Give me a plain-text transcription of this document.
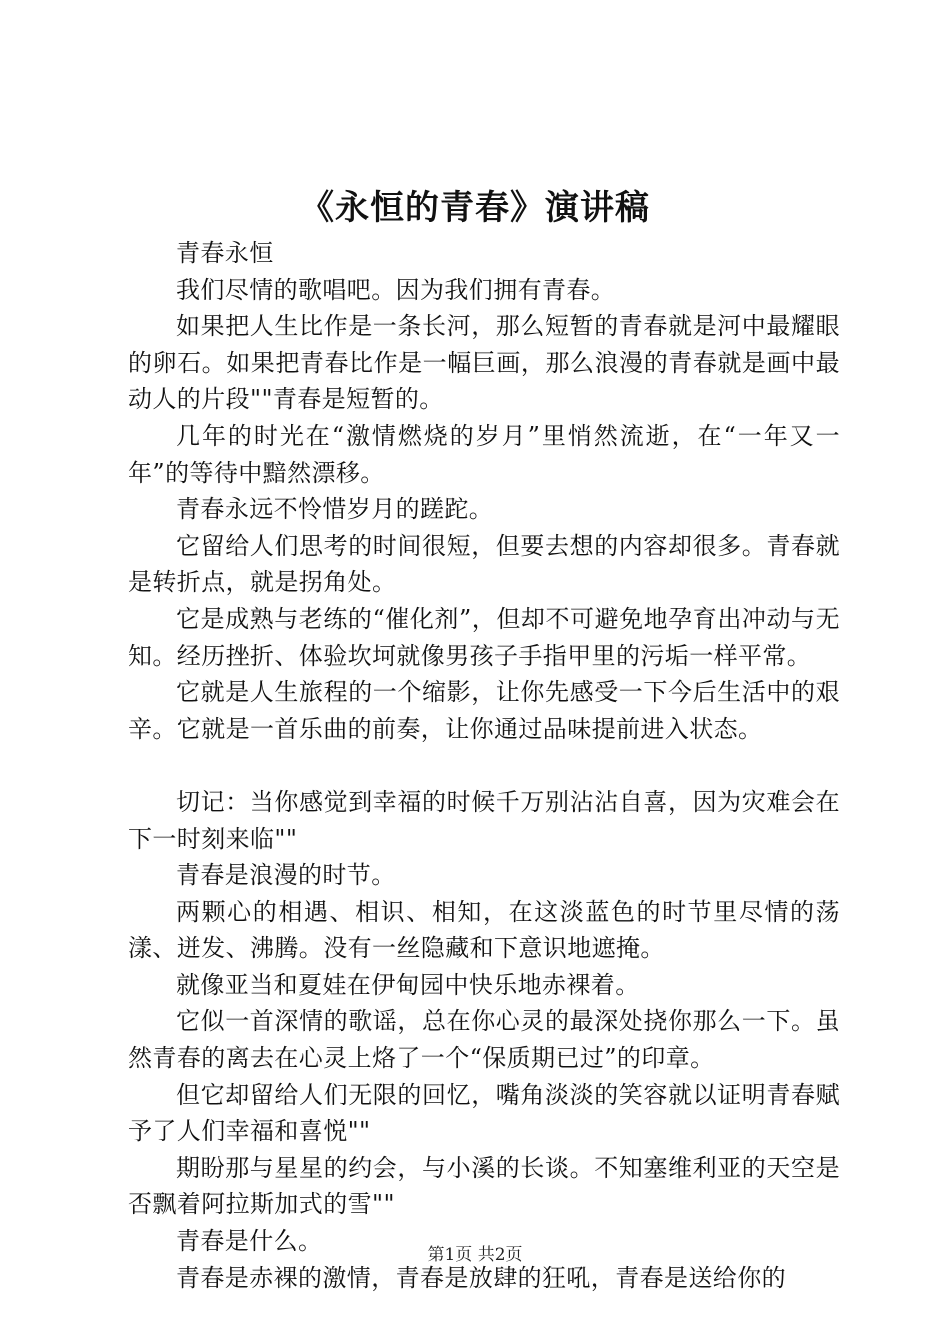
《永恒的青春》演讲稿

青春永恒

我们尽情的歌唱吧。因为我们拥有青春。

如果把人生比作是一条长河，那么短暂的青春就是河中最耀眼的卵石。如果把青春比作是一幅巨画，那么浪漫的青春就是画中最动人的片段""青春是短暂的。

几年的时光在“激情燃烧的岁月”里悄然流逝，在“一年又一年”的等待中黯然漂移。

青春永远不怜惜岁月的蹉跎。

它留给人们思考的时间很短，但要去想的内容却很多。青春就是转折点，就是拐角处。

它是成熟与老练的“催化剂”，但却不可避免地孕育出冲动与无知。经历挫折、体验坎坷就像男孩子手指甲里的污垢一样平常。

它就是人生旅程的一个缩影，让你先感受一下今后生活中的艰辛。它就是一首乐曲的前奏，让你通过品味提前进入状态。

切记：当你感觉到幸福的时候千万别沾沾自喜，因为灾难会在下一时刻来临""

青春是浪漫的时节。

两颗心的相遇、相识、相知，在这淡蓝色的时节里尽情的荡漾、迸发、沸腾。没有一丝隐藏和下意识地遮掩。

就像亚当和夏娃在伊甸园中快乐地赤裸着。

它似一首深情的歌谣，总在你心灵的最深处挠你那么一下。虽然青春的离去在心灵上烙了一个“保质期已过”的印章。

但它却留给人们无限的回忆，嘴角淡淡的笑容就以证明青春赋予了人们幸福和喜悦""

期盼那与星星的约会，与小溪的长谈。不知塞维利亚的天空是否飘着阿拉斯加式的雪""

青春是什么。

青春是赤裸的激情，青春是放肆的狂吼，青春是送给你的

第1页 共2页
